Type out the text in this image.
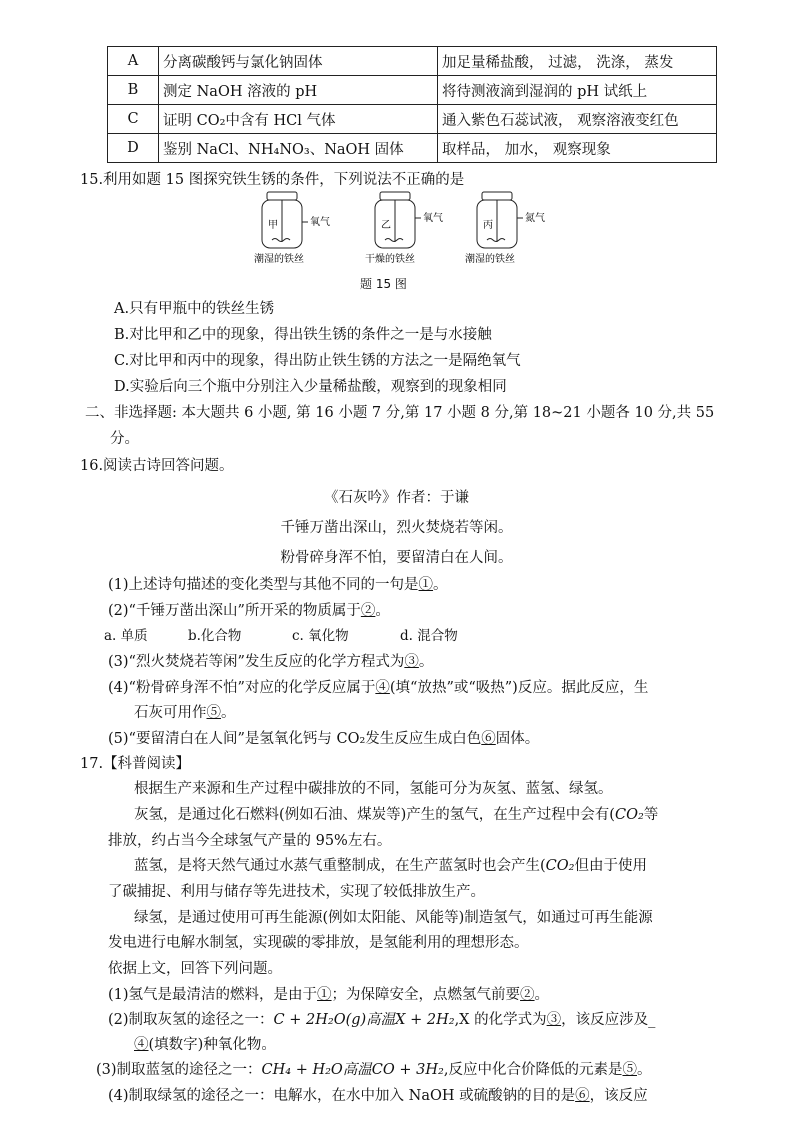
A	分离碳酸钙与氯化钠固体	加足量稀盐酸， 过滤， 洗涤， 蒸发
B	测定 NaOH 溶液的 pH	将待测液滴到湿润的 pH 试纸上
C	证明 CO₂中含有 HCl 气体	通入紫色石蕊试液， 观察溶液变红色
D	鉴别 NaCl、NH₄NO₃、NaOH 固体	取样品， 加水， 观察现象
15.利用如题 15 图探究铁生锈的条件，下列说法不正确的是
甲	氧气
潮湿的铁丝
乙
氧气
干燥的铁丝
丙
氮气
潮湿的铁丝
题 15 图
A.只有甲瓶中的铁丝生锈
B.对比甲和乙中的现象，得出铁生锈的条件之一是与水接触
C.对比甲和丙中的现象，得出防止铁生锈的方法之一是隔绝氧气
D.实验后向三个瓶中分别注入少量稀盐酸，观察到的现象相同
二、非选择题: 本大题共 6 小题, 第 16 小题 7 分,第 17 小题 8 分,第 18~21 小题各 10 分,共 55
分。
16.阅读古诗回答问题。
《石灰吟》作者：于谦
千锤万凿出深山，烈火焚烧若等闲。
粉骨碎身浑不怕，要留清白在人间。
(1)上述诗句描述的变化类型与其他不同的一句是①。
(2)“千锤万凿出深山”所开采的物质属于②。
a. 单质	b.化合物	c. 氧化物	d. 混合物
(3)“烈火焚烧若等闲”发生反应的化学方程式为③。
(4)“粉骨碎身浑不怕”对应的化学反应属于④(填“放热”或“吸热”)反应。据此反应，生
石灰可用作⑤。
(5)“要留清白在人间”是氢氧化钙与 CO₂发生反应生成白色⑥固体。
17.【科普阅读】
根据生产来源和生产过程中碳排放的不同，氢能可分为灰氢、蓝氢、绿氢。
灰氢，是通过化石燃料(例如石油、煤炭等)产生的氢气，在生产过程中会有(CO₂等
排放，约占当今全球氢气产量的 95%左右。
蓝氢，是将天然气通过水蒸气重整制成，在生产蓝氢时也会产生(CO₂但由于使用
了碳捕捉、利用与储存等先进技术，实现了较低排放生产。
绿氢，是通过使用可再生能源(例如太阳能、风能等)制造氢气，如通过可再生能源
发电进行电解水制氢，实现碳的零排放，是氢能利用的理想形态。
依据上文，回答下列问题。
(1)氢气是最清洁的燃料，是由于①；为保障安全，点燃氢气前要②。
(2)制取灰氢的途径之一：C + 2H₂O(g)高温X + 2H₂,X 的化学式为③，该反应涉及_
④(填数字)种氧化物。
(3)制取蓝氢的途径之一：CH₄ + H₂O高温CO + 3H₂,反应中化合价降低的元素是⑤。
(4)制取绿氢的途径之一：电解水，在水中加入 NaOH 或硫酸钠的目的是⑥，该反应
